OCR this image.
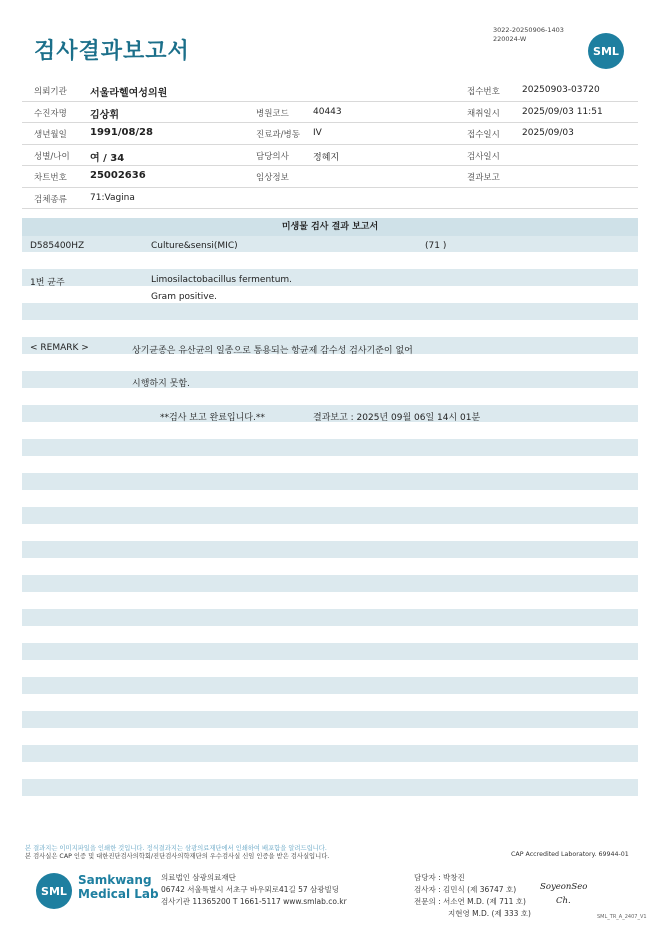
검사결과보고서
3022-20250906-1403
220024-W
SML
의뢰기관 서울라헬여성의원	접수번호 20250903-03720
수진자명 김상휘	병원코드	40443	채취일시 2025/09/03 11:51
생년월일 1991/08/28	진료과/병동 IV	접수일시 2025/09/03
성별/나이 여 / 34	담당의사	정혜지	검사일시
차트번호 25002636	임상정보	결과보고
검체종류	71:Vagina
미생물 검사 결과 보고서
D585400HZ	Culture&sensi(MIC)	(71 )
1번 균주	Limosilactobacillus fermentum.
Gram positive.
< REMARK >	상기균종은 유산균의 일종으로 통용되는 항균제 감수성 검사기준이 없어
시행하지 못함.
**검사 보고 완료입니다.**	결과보고 : 2025년 09월 06일 14시 01분
본 결과지는 이미지파일을 인쇄한 것입니다. 정식결과지는 삼광의료재단에서 인쇄하여 배포함을 알려드립니다.
본 검사실은 CAP 인증 및 대한진단검사의학회/진단검사의학재단의 우수검사실 신임 인증을 받은 검사실입니다.	CAP Accredited Laboratory. 69944-01
SML
Samkwang
Medical Lab
의료법인 삼광의료재단
06742 서울특별시 서초구 바우뫼로41길 57 삼광빌딩
검사기관 11365200 T 1661-5117 www.smlab.co.kr
담당자 : 박창진
검사자 : 김민식 (제 36747 호)
전문의 : 서소연 M.D. (제 711 호)
지현영 M.D. (제 333 호)
SoyeonSeo
Ch.
SML_TR_A_2407_V1
